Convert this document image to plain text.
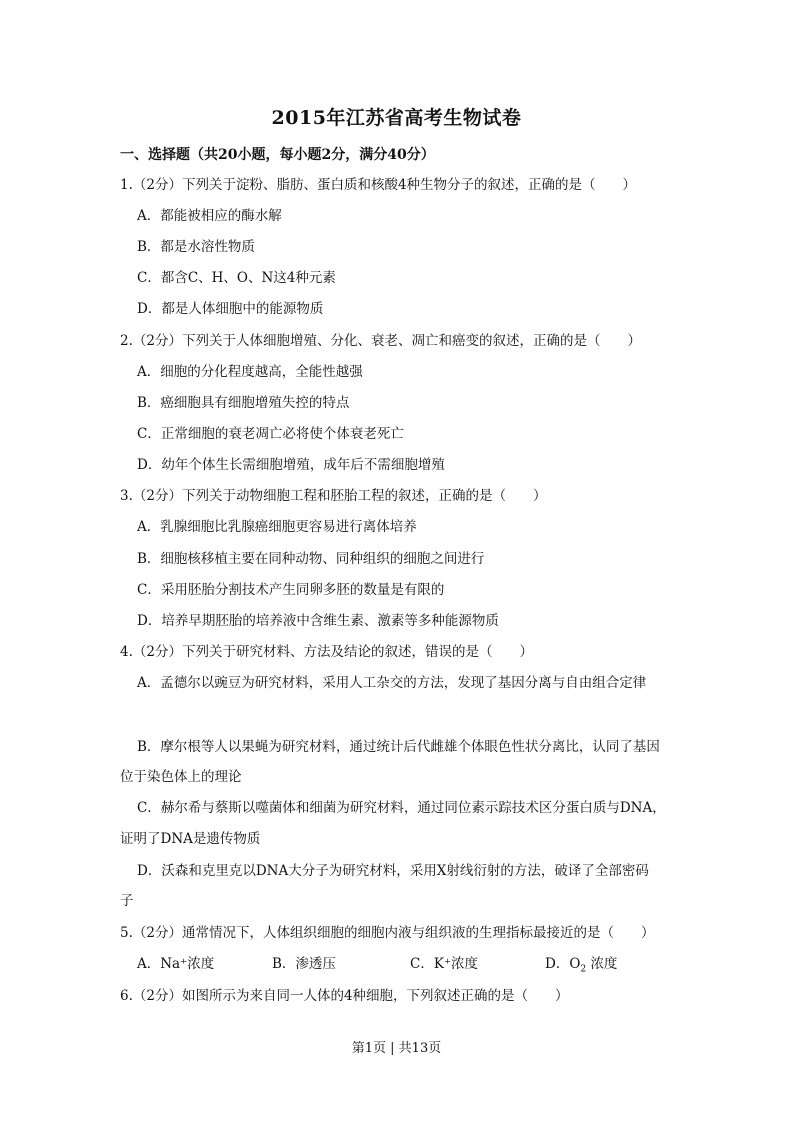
2015年江苏省高考生物试卷
一、选择题（共20小题，每小题2分，满分40分）
1.（2分）下列关于淀粉、脂肪、蛋白质和核酸4种生物分子的叙述，正确的是（　　）
A．都能被相应的酶水解
B．都是水溶性物质
C．都含C、H、O、N这4种元素
D．都是人体细胞中的能源物质
2.（2分）下列关于人体细胞增殖、分化、衰老、凋亡和癌变的叙述，正确的是（　　）
A．细胞的分化程度越高，全能性越强
B．癌细胞具有细胞增殖失控的特点
C．正常细胞的衰老凋亡必将使个体衰老死亡
D．幼年个体生长需细胞增殖，成年后不需细胞增殖
3.（2分）下列关于动物细胞工程和胚胎工程的叙述，正确的是（　　）
A．乳腺细胞比乳腺癌细胞更容易进行离体培养
B．细胞核移植主要在同种动物、同种组织的细胞之间进行
C．采用胚胎分割技术产生同卵多胚的数量是有限的
D．培养早期胚胎的培养液中含维生素、激素等多种能源物质
4.（2分）下列关于研究材料、方法及结论的叙述，错误的是（　　）
A．孟德尔以豌豆为研究材料，采用人工杂交的方法，发现了基因分离与自由组合定律
B．摩尔根等人以果蝇为研究材料，通过统计后代雌雄个体眼色性状分离比，认同了基因
位于染色体上的理论
C．赫尔希与蔡斯以噬菌体和细菌为研究材料，通过同位素示踪技术区分蛋白质与DNA，
证明了DNA是遗传物质
D．沃森和克里克以DNA大分子为研究材料，采用X射线衍射的方法，破译了全部密码
子
5.（2分）通常情况下，人体组织细胞的细胞内液与组织液的生理指标最接近的是（　　）
A．Na⁺浓度	B．渗透压	C．K⁺浓度	D．$O_2$ 浓度
6.（2分）如图所示为来自同一人体的4种细胞，下列叙述正确的是（　　）
第1页 | 共13页
